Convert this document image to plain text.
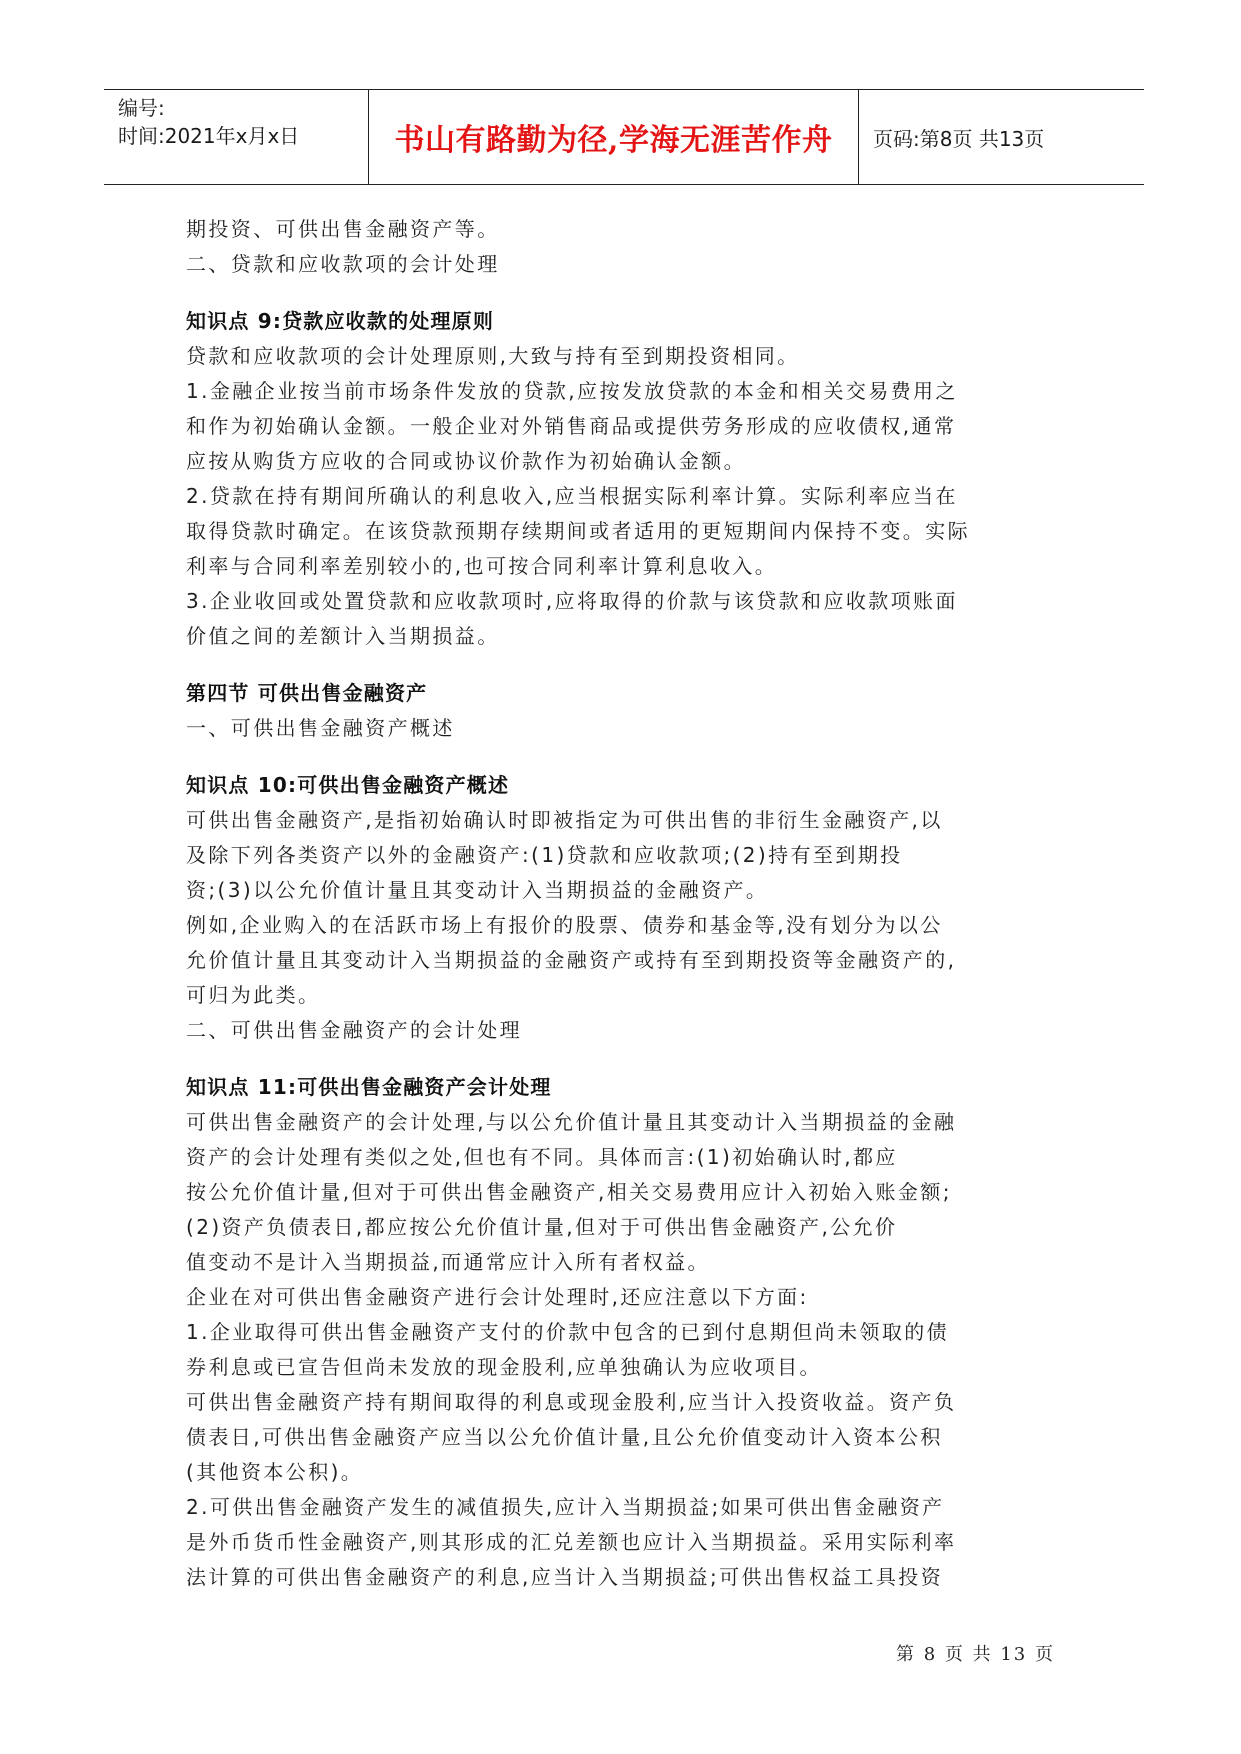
编号:
时间:2021年x月x日	书山有路勤为径,学海无涯苦作舟 页码:第8页 共13页
期投资、可供出售金融资产等。
二、贷款和应收款项的会计处理
知识点 9:贷款应收款的处理原则
贷款和应收款项的会计处理原则,大致与持有至到期投资相同。
1.金融企业按当前市场条件发放的贷款,应按发放贷款的本金和相关交易费用之
和作为初始确认金额。一般企业对外销售商品或提供劳务形成的应收债权,通常
应按从购货方应收的合同或协议价款作为初始确认金额。
2.贷款在持有期间所确认的利息收入,应当根据实际利率计算。实际利率应当在
取得贷款时确定。在该贷款预期存续期间或者适用的更短期间内保持不变。实际
利率与合同利率差别较小的,也可按合同利率计算利息收入。
3.企业收回或处置贷款和应收款项时,应将取得的价款与该贷款和应收款项账面
价值之间的差额计入当期损益。
第四节 可供出售金融资产
一、可供出售金融资产概述
知识点 10:可供出售金融资产概述
可供出售金融资产,是指初始确认时即被指定为可供出售的非衍生金融资产,以
及除下列各类资产以外的金融资产:(1)贷款和应收款项;(2)持有至到期投
资;(3)以公允价值计量且其变动计入当期损益的金融资产。
例如,企业购入的在活跃市场上有报价的股票、债券和基金等,没有划分为以公
允价值计量且其变动计入当期损益的金融资产或持有至到期投资等金融资产的,
可归为此类。
二、可供出售金融资产的会计处理
知识点 11:可供出售金融资产会计处理
可供出售金融资产的会计处理,与以公允价值计量且其变动计入当期损益的金融
资产的会计处理有类似之处,但也有不同。具体而言:(1)初始确认时,都应
按公允价值计量,但对于可供出售金融资产,相关交易费用应计入初始入账金额;
(2)资产负债表日,都应按公允价值计量,但对于可供出售金融资产,公允价
值变动不是计入当期损益,而通常应计入所有者权益。
企业在对可供出售金融资产进行会计处理时,还应注意以下方面:
1.企业取得可供出售金融资产支付的价款中包含的已到付息期但尚未领取的债
券利息或已宣告但尚未发放的现金股利,应单独确认为应收项目。
可供出售金融资产持有期间取得的利息或现金股利,应当计入投资收益。资产负
债表日,可供出售金融资产应当以公允价值计量,且公允价值变动计入资本公积
(其他资本公积)。
2.可供出售金融资产发生的减值损失,应计入当期损益;如果可供出售金融资产
是外币货币性金融资产,则其形成的汇兑差额也应计入当期损益。采用实际利率
法计算的可供出售金融资产的利息,应当计入当期损益;可供出售权益工具投资
第 8 页 共 13 页
